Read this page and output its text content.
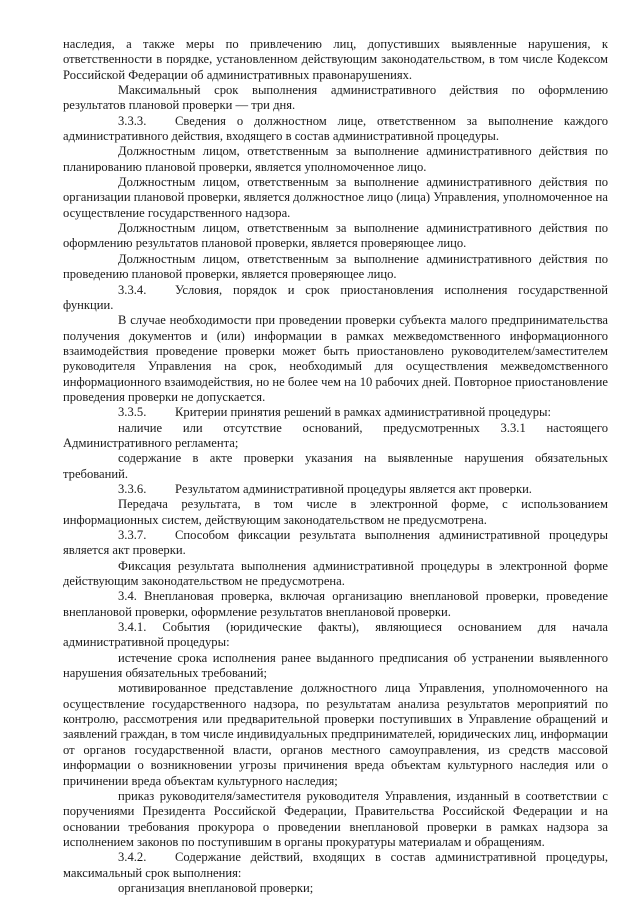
наследия, а также меры по привлечению лиц, допустивших выявленные нарушения, к ответственности в порядке, установленном действующим законодательством, в том числе Кодексом Российской Федерации об административных правонарушениях.

Максимальный срок выполнения административного действия по оформлению результатов плановой проверки — три дня.

3.3.3. Сведения о должностном лице, ответственном за выполнение каждого административного действия, входящего в состав административной процедуры.

Должностным лицом, ответственным за выполнение административного действия по планированию плановой проверки, является уполномоченное лицо.

Должностным лицом, ответственным за выполнение административного действия по организации плановой проверки, является должностное лицо (лица) Управления, уполномоченное на осуществление государственного надзора.

Должностным лицом, ответственным за выполнение административного действия по оформлению результатов плановой проверки, является проверяющее лицо.

Должностным лицом, ответственным за выполнение административного действия по проведению плановой проверки, является проверяющее лицо.

3.3.4. Условия, порядок и срок приостановления исполнения государственной функции.

В случае необходимости при проведении проверки субъекта малого предпринимательства получения документов и (или) информации в рамках межведомственного информационного взаимодействия проведение проверки может быть приостановлено руководителем/заместителем руководителя Управления на срок, необходимый для осуществления межведомственного информационного взаимодействия, но не более чем на 10 рабочих дней. Повторное приостановление проведения проверки не допускается.

3.3.5. Критерии принятия решений в рамках административной процедуры:

наличие или отсутствие оснований, предусмотренных 3.3.1 настоящего Административного регламента;

содержание в акте проверки указания на выявленные нарушения обязательных требований.

3.3.6. Результатом административной процедуры является акт проверки.

Передача результата, в том числе в электронной форме, с использованием информационных систем, действующим законодательством не предусмотрена.

3.3.7. Способом фиксации результата выполнения административной процедуры является акт проверки.

Фиксация результата выполнения административной процедуры в электронной форме действующим законодательством не предусмотрена.

3.4. Внеплановая проверка, включая организацию внеплановой проверки, проведение внеплановой проверки, оформление результатов внеплановой проверки.

3.4.1. События (юридические факты), являющиеся основанием для начала административной процедуры:

истечение срока исполнения ранее выданного предписания об устранении выявленного нарушения обязательных требований;

мотивированное представление должностного лица Управления, уполномоченного на осуществление государственного надзора, по результатам анализа результатов мероприятий по контролю, рассмотрения или предварительной проверки поступивших в Управление обращений и заявлений граждан, в том числе индивидуальных предпринимателей, юридических лиц, информации от органов государственной власти, органов местного самоуправления, из средств массовой информации о возникновении угрозы причинения вреда объектам культурного наследия или о причинении вреда объектам культурного наследия;

приказ руководителя/заместителя руководителя Управления, изданный в соответствии с поручениями Президента Российской Федерации, Правительства Российской Федерации и на основании требования прокурора о проведении внеплановой проверки в рамках надзора за исполнением законов по поступившим в органы прокуратуры материалам и обращениям.

3.4.2. Содержание действий, входящих в состав административной процедуры, максимальный срок выполнения:

организация внеплановой проверки;
